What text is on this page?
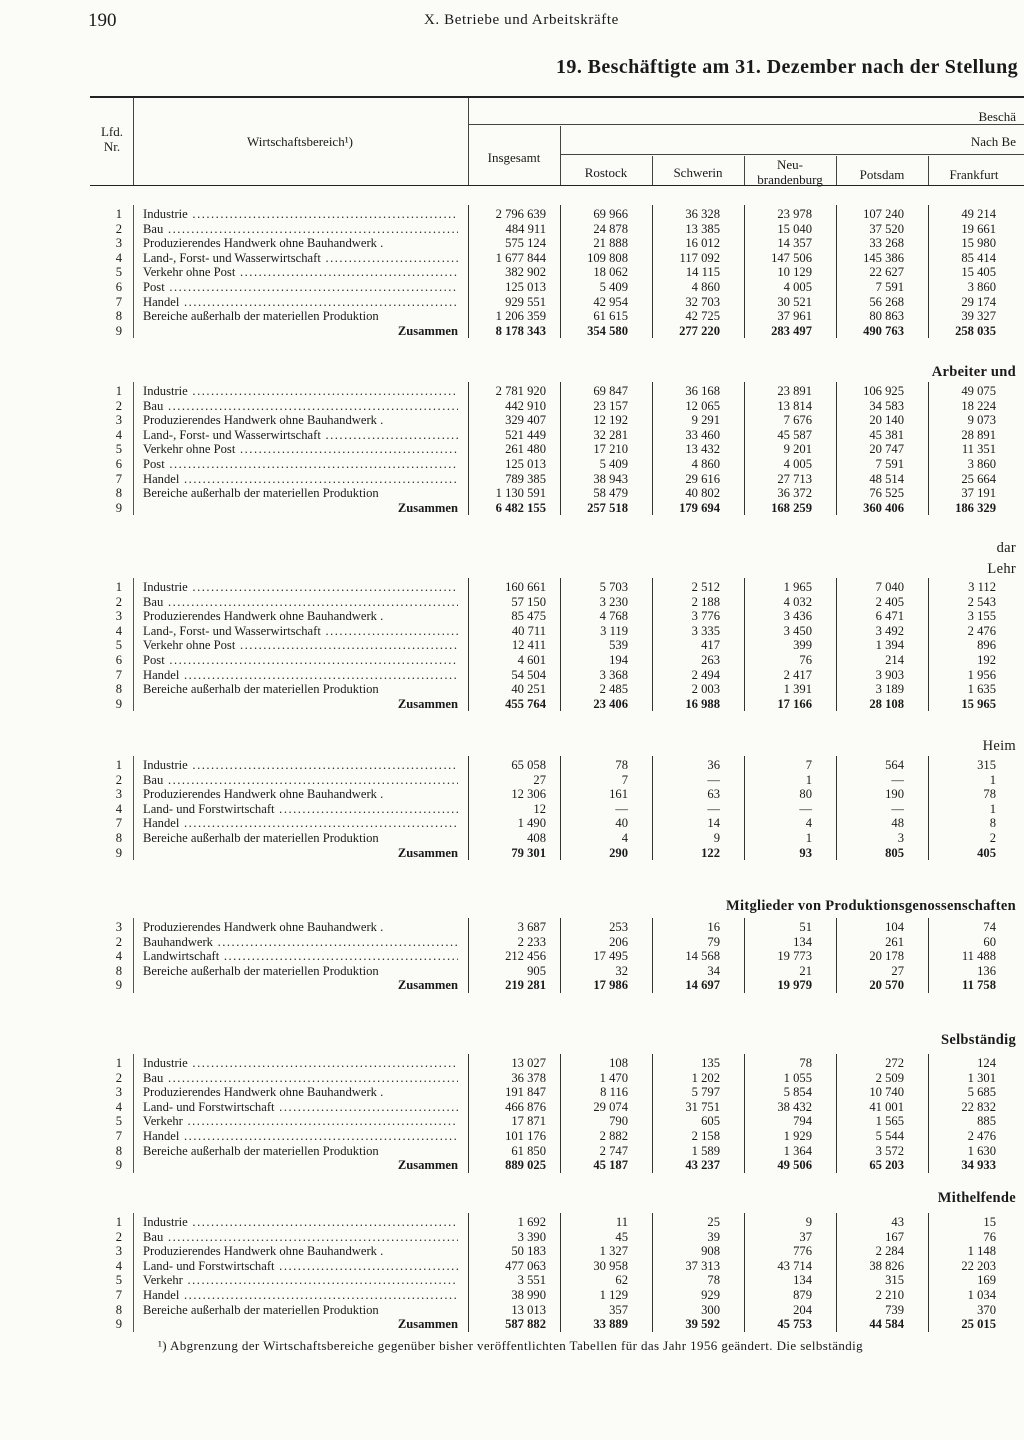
190	X. Betriebe und Arbeitskräfte
19. Beschäftigte am 31. Dezember nach der Stellung
Lfd. Nr.	Wirtschaftsbereich¹)
Insgesamt
Beschä
Nach Be
Rostock	Schwerin
Neu-
brandenburg	Potsdam	Frankfurt
1 Industrie .....	2 796 639	69 966	36 328	23 978	107 240	49 214
2 Bau .....	484 911	24 878	13 385	15 040	37 520	19 661
3 Produzierendes Handwerk ohne Bauhandwerk .	575 124	21 888	16 012	14 357	33 268	15 980
4 Land-, Forst- und Wasserwirtschaft .....	1 677 844	109 808	117 092	147 506	145 386	85 414
5 Verkehr ohne Post .....	382 902	18 062	14 115	10 129	22 627	15 405
6 Post .....	125 013	5 409	4 860	4 005	7 591	3 860
7 Handel .....	929 551	42 954	32 703	30 521	56 268	29 174
8 Bereiche außerhalb der materiellen Produktion	1 206 359	61 615	42 725	37 961	80 863	39 327
9	Zusammen	8 178 343	354 580	277 220	283 497	490 763	258 035
Arbeiter und
1 Industrie .....	2 781 920	69 847	36 168	23 891	106 925	49 075
2 Bau .....	442 910	23 157	12 065	13 814	34 583	18 224
3 Produzierendes Handwerk ohne Bauhandwerk .	329 407	12 192	9 291	7 676	20 140	9 073
4 Land-, Forst- und Wasserwirtschaft .....	521 449	32 281	33 460	45 587	45 381	28 891
5 Verkehr ohne Post .....	261 480	17 210	13 432	9 201	20 747	11 351
6 Post .....	125 013	5 409	4 860	4 005	7 591	3 860
7 Handel .....	789 385	38 943	29 616	27 713	48 514	25 664
8 Bereiche außerhalb der materiellen Produktion	1 130 591	58 479	40 802	36 372	76 525	37 191
9	Zusammen	6 482 155	257 518	179 694	168 259	360 406	186 329
dar
Lehr
1 Industrie .....	160 661	5 703	2 512	1 965	7 040	3 112
2 Bau .....	57 150	3 230	2 188	4 032	2 405	2 543
3 Produzierendes Handwerk ohne Bauhandwerk .	85 475	4 768	3 776	3 436	6 471	3 155
4 Land-, Forst- und Wasserwirtschaft .....	40 711	3 119	3 335	3 450	3 492	2 476
5 Verkehr ohne Post .....	12 411	539	417	399	1 394	896
6 Post .....	4 601	194	263	76	214	192
7 Handel .....	54 504	3 368	2 494	2 417	3 903	1 956
8 Bereiche außerhalb der materiellen Produktion	40 251	2 485	2 003	1 391	3 189	1 635
9	Zusammen	455 764	23 406	16 988	17 166	28 108	15 965
Heim
1 Industrie .....	65 058	78	36	7	564	315
2 Bau .....	27	7	—	1	—	1
3 Produzierendes Handwerk ohne Bauhandwerk .	12 306	161	63	80	190	78
4 Land- und Forstwirtschaft .....	12	—	—	—	—	1
7 Handel .....	1 490	40	14	4	48	8
8 Bereiche außerhalb der materiellen Produktion	408	4	9	1	3	2
9	Zusammen	79 301	290	122	93	805	405
Mitglieder von Produktionsgenossenschaften
3 Produzierendes Handwerk ohne Bauhandwerk .	3 687	253	16	51	104	74
2 Bauhandwerk .....	2 233	206	79	134	261	60
4 Landwirtschaft .....	212 456	17 495	14 568	19 773	20 178	11 488
8 Bereiche außerhalb der materiellen Produktion	905	32	34	21	27	136
9	Zusammen	219 281	17 986	14 697	19 979	20 570	11 758
Selbständig
1 Industrie .....	13 027	108	135	78	272	124
2 Bau .....	36 378	1 470	1 202	1 055	2 509	1 301
3 Produzierendes Handwerk ohne Bauhandwerk .	191 847	8 116	5 797	5 854	10 740	5 685
4 Land- und Forstwirtschaft .....	466 876	29 074	31 751	38 432	41 001	22 832
5 Verkehr .....	17 871	790	605	794	1 565	885
7 Handel .....	101 176	2 882	2 158	1 929	5 544	2 476
8 Bereiche außerhalb der materiellen Produktion	61 850	2 747	1 589	1 364	3 572	1 630
9	Zusammen	889 025	45 187	43 237	49 506	65 203	34 933
Mithelfende
1 Industrie .....	1 692	11	25	9	43	15
2 Bau .....	3 390	45	39	37	167	76
3 Produzierendes Handwerk ohne Bauhandwerk .	50 183	1 327	908	776	2 284	1 148
4 Land- und Forstwirtschaft .....	477 063	30 958	37 313	43 714	38 826	22 203
5 Verkehr .....	3 551	62	78	134	315	169
7 Handel .....	38 990	1 129	929	879	2 210	1 034
8 Bereiche außerhalb der materiellen Produktion	13 013	357	300	204	739	370
9	Zusammen	587 882	33 889	39 592	45 753	44 584	25 015
¹) Abgrenzung der Wirtschaftsbereiche gegenüber bisher veröffentlichten Tabellen für das Jahr 1956 geändert. Die selbständig
